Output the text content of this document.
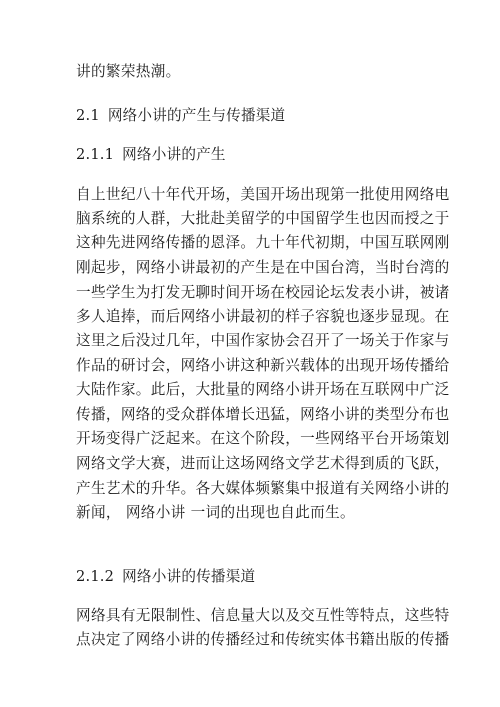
讲的繁荣热潮。
2.1 网络小讲的产生与传播渠道
2.1.1 网络小讲的产生
自上世纪八十年代开场，美国开场出现第一批使用网络电
脑系统的人群，大批赴美留学的中国留学生也因而授之于
这种先进网络传播的恩泽。九十年代初期，中国互联网刚
刚起步，网络小讲最初的产生是在中国台湾，当时台湾的
一些学生为打发无聊时间开场在校园论坛发表小讲，被诸
多人追捧，而后网络小讲最初的样子容貌也逐步显现。在
这里之后没过几年，中国作家协会召开了一场关于作家与
作品的研讨会，网络小讲这种新兴载体的出现开场传播给
大陆作家。此后，大批量的网络小讲开场在互联网中广泛
传播，网络的受众群体增长迅猛，网络小讲的类型分布也
开场变得广泛起来。在这个阶段，一些网络平台开场策划
网络文学大赛，进而让这场网络文学艺术得到质的飞跃，
产生艺术的升华。各大媒体频繁集中报道有关网络小讲的
新闻， 网络小讲 一词的出现也自此而生。
2.1.2 网络小讲的传播渠道
网络具有无限制性、信息量大以及交互性等特点，这些特
点决定了网络小讲的传播经过和传统实体书籍出版的传播
